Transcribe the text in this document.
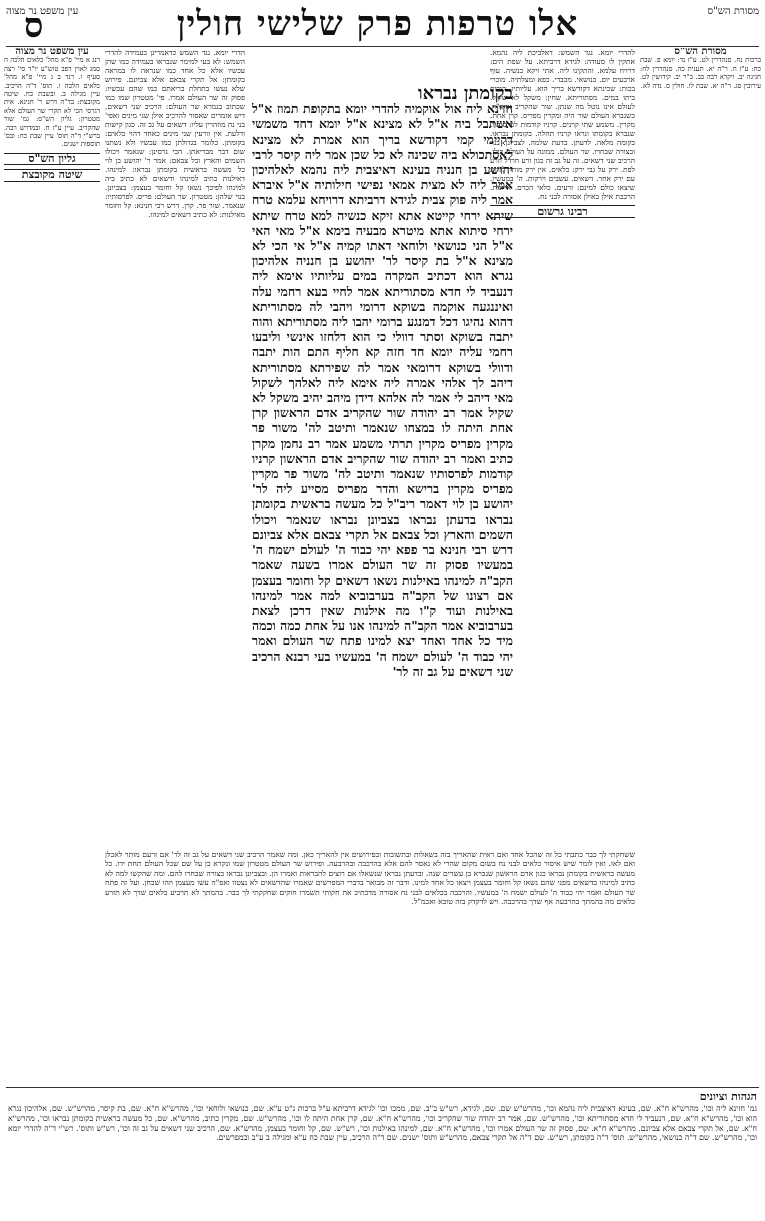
מסורת הש"ס
אלו טרפות פרק שלישי חולין
ס
עין משפט נר מצוה
מסורת הש"ס

ברכות נח. סנהדרין לט. ע"ז נד: יומא פ. שבת כח: ע"ז ח. ר"ה יא. תענית כה. סנהדרין לח: חגיגה יב. ויקרא רבה כב. ב"ר יב. קידושין לט. עירובין סג. ר"ה יא. שבת לו. חולין ס. נדה לא.

להדרי יומא. נגד השמש: דאלביכת ליה נהמא. אתקין לו סעודה: לגידא דרביתא. על שפת הים: דרויח עלמא. והתקינו ליה. אתי זיקא כנשיה. עוף ארבעים יום. כנושאי. מכבדי. כפא ומצלתיה. מוכרי בכות: שכינתא דקודשא בריך הוא. עליותיו. קורות ביתו במים. מסתוריתא. שחין: משקל לא שקיל. לעולם אינו נוטל מה שנתן. שור שהקריב אדה"ר. כשנברא העולם שור היה ומקרין מפריס. קרן אחת. מקרין. משמע שתי קרנים. קרניו קודמות לפרסותיו. שנברא בקומתו ונראו קרניו תחלה. בקומתן נבראו. בקומה מלאה. לדעתן. בדעת שלמה. לצביונן. בנוי ובצורה שבחרו. שר העולם. ממונה על העולם כולו. הרכיב שני דשאים. זה על גב זה כגון זרע חרדל וזרע לפת. ירק על גבי ירק: כלאים. אין ירק מותר לזרוע עם ירק אחר. דשאים. עשבים וירקות. ה' במעשיו. שיצאו כולם למינם: זרעים. כלאי הכרם. אילנות. הרכבת אילן באילן אסורה לבני נח.

רבינו גרשום
בקומתן נבראו
חזינא ליה אול אוקמיה להדרי יומא בתקופת תמוז א"ל אשתבל ביה א"ל לא מצינא א"ל יומא דחד משמשי דקיימי קמי דקודשא בריך הוא אמרת לא מצינא לאסתכולא ביה שכינה לא כל שכן אמר ליה קיסר לרבי יהושע בן חנניה בעינא דאיצבית ליה נהמא לאלהיכון אמר ליה לא מצית אמאי נפישי חילותיה א"ל איברא אמר ליה פוק צבית לגידא דרביתא דרויחא עלמא טרח שיתא ירחי קייטא אתא זיקא כנשיה למא טרח שיתא ירחי סיתוא אתא מיטרא מבעיה בימא א"ל מאי האי א"ל הני כנושאי ולוחאי דאתו קמיה א"ל אי הכי לא מצינא א"ל בת קיסר לר' יהושע בן חנניה אלהיכון נגרא הוא דכתיב המקרה במים עליותיו אימא ליה דנעביד לי חדא מסתוריתא אמר לחיי בעא רחמי עלה ואיננגעה אוקמה בשוקא דרומי ויהבי לה מסתוריתא דהוא נהיגו דכל דמנגע ברומי יהבו ליה מסתוריתא והוה יתבה בשוקא וסתר דוולי כי הוא דלחזו אינשי וליבעו רחמי עליה יומא חד חזה קא חליף התם הות יתבה ודוולי בשוקא דרומאי אמר לה שפירתא מסתוריתא דיהב לך אלהי אמרה ליה אימא ליה לאלהך לשקול מאי דיהב לי אמר לה אלהא דידן מיהב יהיב משקל לא שקיל אמר רב יהודה שור שהקריב אדם הראשון קרן אחת היתה לו במצחו שנאמר ותיטב לה' משור פר מקרין מפריס מקרין תרתי משמע אמר רב נחמן מקרן כתיב ואמר רב יהודה שור שהקריב אדם הראשון קרניו קודמות לפרסותיו שנאמר ותיטב לה' משור פר מקרין מפריס מקרין ברישא והדר מפריס מסייע ליה לר' יהושע בן לוי דאמר ריב"ל כל מעשה בראשית בקומתן נבראו בדעתן נבראו בצביונן נבראו שנאמר ויכולו השמים והארץ וכל צבאם אל תקרי צבאם אלא צביונם דרש רבי חנינא בר פפא יהי כבוד ה' לעולם ישמח ה' במעשיו פסוק זה שר העולם אמרו בשעה שאמר הקב"ה למינהו באילנות נשאו דשאים קל וחומר בעצמן אם רצונו של הקב"ה בערבוביא למה אמר למינהו באילנות ועוד ק"ו מה אילנות שאין דרכן לצאת בערבוביא אמר הקב"ה למינהו אנו על אחת כמה וכמה מיד כל אחד ואחד יצא למינו פתח שר העולם ואמר יהי כבוד ה' לעולם ישמח ה' במעשיו בעי רבנא הרכיב שני דשאים על גב זה לר'

הדרי יומא. נגד השמש כדאמרינן בעמידה להדרי השמש: לא בעי למימר שנבראו בעמידה כמו שהן עכשיו אלא כל אחד כמו שנראה לו במראה בקומתן: אל תקרי צבאם אלא צביונם. פירוש שלא נעשו בתחלת בריאתם כמו שהם עכשיו: פסוק זה שר העולם אמרו. פי' מטטרון שמו כמו שכתוב בגמרא שר העולם: הרכיב שני דשאים. דיש אומרים שאסור להרכיב אילן שני מינים ואפי' בני נח מוזהרין עליו: דשאים על גב זה. כגון קישות ודלעת. אין זורעין שני מינים כאחד דהוי כלאים: בקומתן. כלומר בגדולתן כמו עכשיו ולא נשתנו שום דבר מבריאתן. הכי גרסינן: שנאמר ויכולו השמים והארץ וכל צבאם: אמר ר' יהושע בן לוי כל מעשה בראשית בקומתן נבראו: למינהו. דאילנות כתיב למינהו ודשאים לא כתיב ביה למינהו לפיכך נשאו קל וחומר בעצמן: בצביונן. בנוי שלהן: מטטרון. שר העולם: פריס. לפרסותיו: שנאמר. שור פר. קרן. דרש רבי חנינא: קל וחומר מאילנות: לא כתיב דשאים למינהו.

עין משפט נר מצוה

רנג א מיי' פ"א מהל' כלאים הלכה ה סמג לאוין רפב טוש"ע יו"ד סי' רצה סעיף ו. רנד ב ג מיי' פ"א מהל' כלאים הלכה ו. תוס' ד"ה הרכיב. עיין מגילה ב. ובשבת כח. שיטה מקובצת: בד"ה דרש ר' חנינא. אית דגרסי הכי לא תקרי שר העולם אלא מטטרון: גליון הש"ס: גמ' שור שהקריב. עיין ע"ז ח. ובמדרש רבה. ברש"י ד"ה תוס' עיין שבת כח: ובס' תוספות ישנים.

גליון הש"ס
שיטה מקובצת

ששחקתי לך כבר כתבתי כל זה שהכל אחד ואם ראית שהאריך בזה בשאלות ובתשובות ובפירושים אין להאריך כאן. ומה שאמר הרכיב שני דשאים על גב זה לר' אם זרעם מותר לאכלן ואם לאו. ואין לומר שיש איסור כלאים לבני נח בשום מקום שהרי לא נאסר להם אלא בהרכבה ובהרבעה. ופירוש שר העולם מטטרון שמו ונקרא כן על שם שכל העולם תחת ידו. כל מעשה בראשית בקומתן נבראו כגון אדם הראשון שנברא בן עשרים שנה. ובדעתן נבראו שנשאלו אם רוצים להבראות ואמרו הן. ובצביונן נבראו בצורה שבחרו להם. ומה שהקשו למה לא כתיב למינהו בדשאים מפני שהם נשאו קל וחומר בעצמן ויצאו כל אחד למינו. ודבר זה מבואר בדברי המפרשים שאמרו שהדשאים לא נצטוו ואפ"ה עשו מעצמן וזהו שבחן. ועל זה פתח שר העולם ואמר יהי כבוד ה' לעולם ישמח ה' במעשיו. והרכבה בכלאים לבני נח אסורה מדכתיב את חקותי תשמרו חוקים שחקקתי לך כבר. בהמתך לא תרביע כלאים שדך לא תזרע כלאים מה בהמתך בהרבעה אף שדך בהרכבה. ויש לדקדק בזה טובא ואכמ"ל.

הגהות וציונים
גמ' חזינא ליה וכו', מהרש"א ח"א. שם, בעינא דאיצבית ליה נהמא וכו', מהרש"ש שם. שם, לגידא, רש"ש ב"ב. שם, ממכו וכו' לגידא דרביתא ע"ל ברכות נ"ט ע"א. שם, כנושאי ולוחאי וכו', מהרש"א ח"א. שם, בת קיסר, מהרש"ש. שם, אלהיכון נגרא הוא וכו', מהרש"א ח"א. שם, דנעביד לי חדא מסתוריתא וכו', מהרש"ש. שם, אמר רב יהודה שור שהקריב וכו', מהרש"א ח"א. שם, קרן אחת היתה לו וכו', מהרש"ש. שם, מקרין כתיב, מהרש"א. שם, כל מעשה בראשית בקומתן נבראו וכו', מהרש"א ח"א. שם, אל תקרי צבאם אלא צביונם, מהרש"א ח"א. שם, פסוק זה שר העולם אמרו וכו', מהרש"א ח"א. שם, למינהו באילנות וכו', רש"ש. שם, קל וחומר בעצמן, מהרש"א. שם, הרכיב שני דשאים על גב זה וכו', רש"ש ותוס'. רש"י ד"ה להדרי יומא וכו', מהרש"ש. שם ד"ה כנושאי, מהרש"ש. תוס' ד"ה בקומתן, רש"ש. שם ד"ה אל תקרי צבאם, מהרש"ש ותוס' ישנים. שם ד"ה הרכיב, עיין שבת כח ע"א ומגילה ב ע"ב ובמפרשים.
